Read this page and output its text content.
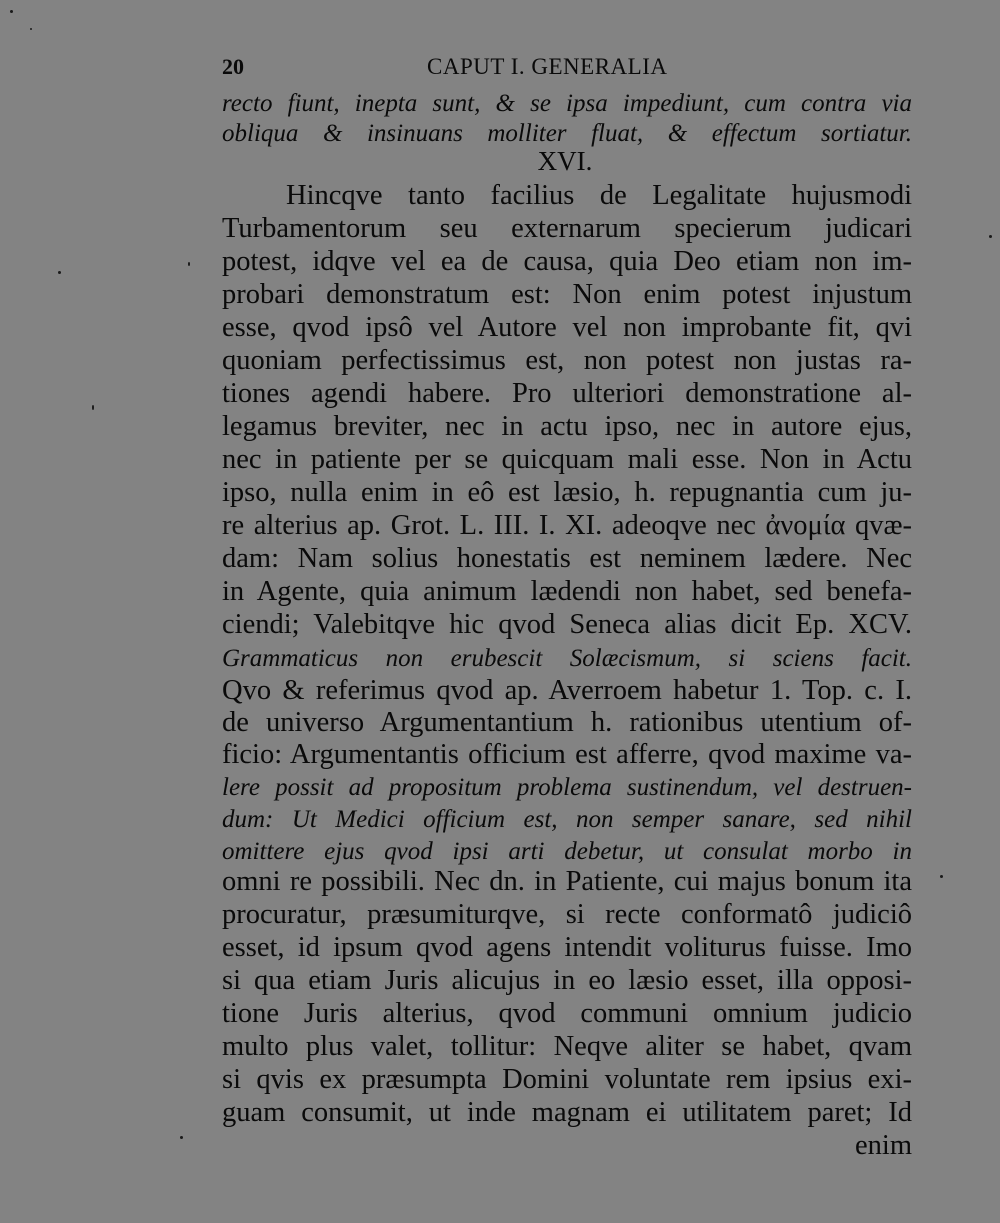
20	CAPUT I. GENERALIA
recto fiunt, inepta sunt, & se ipsa impediunt, cum contra via
obliqua & insinuans molliter fluat, & effectum sortiatur.
XVI.
Hincqve tanto facilius de Legalitate hujusmodi
Turbamentorum seu externarum specierum judicari
potest, idqve vel ea de causa, quia Deo etiam non im-
probari demonstratum est: Non enim potest injustum
esse, qvod ipsô vel Autore vel non improbante fit, qvi
quoniam perfectissimus est, non potest non justas ra-
tiones agendi habere. Pro ulteriori demonstratione al-
legamus breviter, nec in actu ipso, nec in autore ejus,
nec in patiente per se quicquam mali esse. Non in Actu
ipso, nulla enim in eô est læsio, h. repugnantia cum ju-
re alterius ap. Grot. L. III. I. XI. adeoqve nec ἀνομία qvæ-
dam: Nam solius honestatis est neminem lædere. Nec
in Agente, quia animum lædendi non habet, sed benefa-
ciendi; Valebitqve hic qvod Seneca alias dicit Ep. XCV.
Grammaticus non erubescit Solæcismum, si sciens facit.
Qvo & referimus qvod ap. Averroem habetur 1. Top. c. I.
de universo Argumentantium h. rationibus utentium of-
ficio: Argumentantis officium est afferre, qvod maxime va-
lere possit ad propositum problema sustinendum, vel destruen-
dum: Ut Medici officium est, non semper sanare, sed nihil
omittere ejus qvod ipsi arti debetur, ut consulat morbo in
omni re possibili. Nec dn. in Patiente, cui majus bonum ita
procuratur, præsumiturqve, si recte conformatô judiciô
esset, id ipsum qvod agens intendit voliturus fuisse. Imo
si qua etiam Juris alicujus in eo læsio esset, illa opposi-
tione Juris alterius, qvod communi omnium judicio
multo plus valet, tollitur: Neqve aliter se habet, qvam
si qvis ex præsumpta Domini voluntate rem ipsius exi-
guam consumit, ut inde magnam ei utilitatem paret; Id
enim
